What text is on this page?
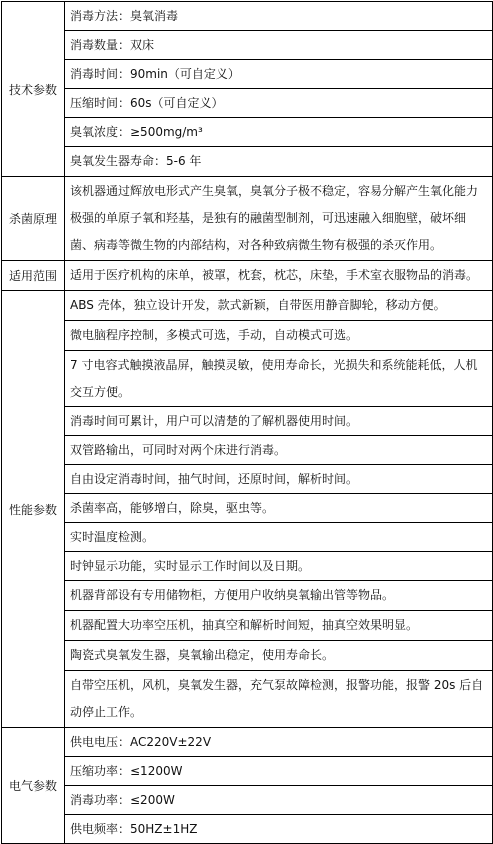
技术参数	消毒方法：臭氧消毒
	消毒数量：双床
	消毒时间：90min（可自定义）
	压缩时间：60s（可自定义）
	臭氧浓度：≥500mg/m³
	臭氧发生器寿命：5-6 年
杀菌原理	该机器通过辉放电形式产生臭氧，臭氧分子极不稳定，容易分解产生氧化能力极强的单原子氧和羟基，是独有的融菌型制剂，可迅速融入细胞壁，破坏细菌、病毒等微生物的内部结构，对各种致病微生物有极强的杀灭作用。
适用范围	适用于医疗机构的床单，被罩，枕套，枕芯，床垫，手术室衣服物品的消毒。
性能参数	ABS 壳体，独立设计开发，款式新颖，自带医用静音脚轮，移动方便。
	微电脑程序控制，多模式可选，手动，自动模式可选。
	7 寸电容式触摸液晶屏，触摸灵敏，使用寿命长，光损失和系统能耗低，人机交互方便。
	消毒时间可累计，用户可以清楚的了解机器使用时间。
	双管路输出，可同时对两个床进行消毒。
	自由设定消毒时间，抽气时间，还原时间，解析时间。
	杀菌率高，能够增白，除臭，驱虫等。
	实时温度检测。
	时钟显示功能，实时显示工作时间以及日期。
	机器背部设有专用储物柜，方便用户收纳臭氧输出管等物品。
	机器配置大功率空压机，抽真空和解析时间短，抽真空效果明显。
	陶瓷式臭氧发生器，臭氧输出稳定，使用寿命长。
	自带空压机，风机，臭氧发生器，充气泵故障检测，报警功能，报警 20s 后自动停止工作。
电气参数	供电电压：AC220V±22V
	压缩功率：≤1200W
	消毒功率：≤200W
	供电频率：50HZ±1HZ
